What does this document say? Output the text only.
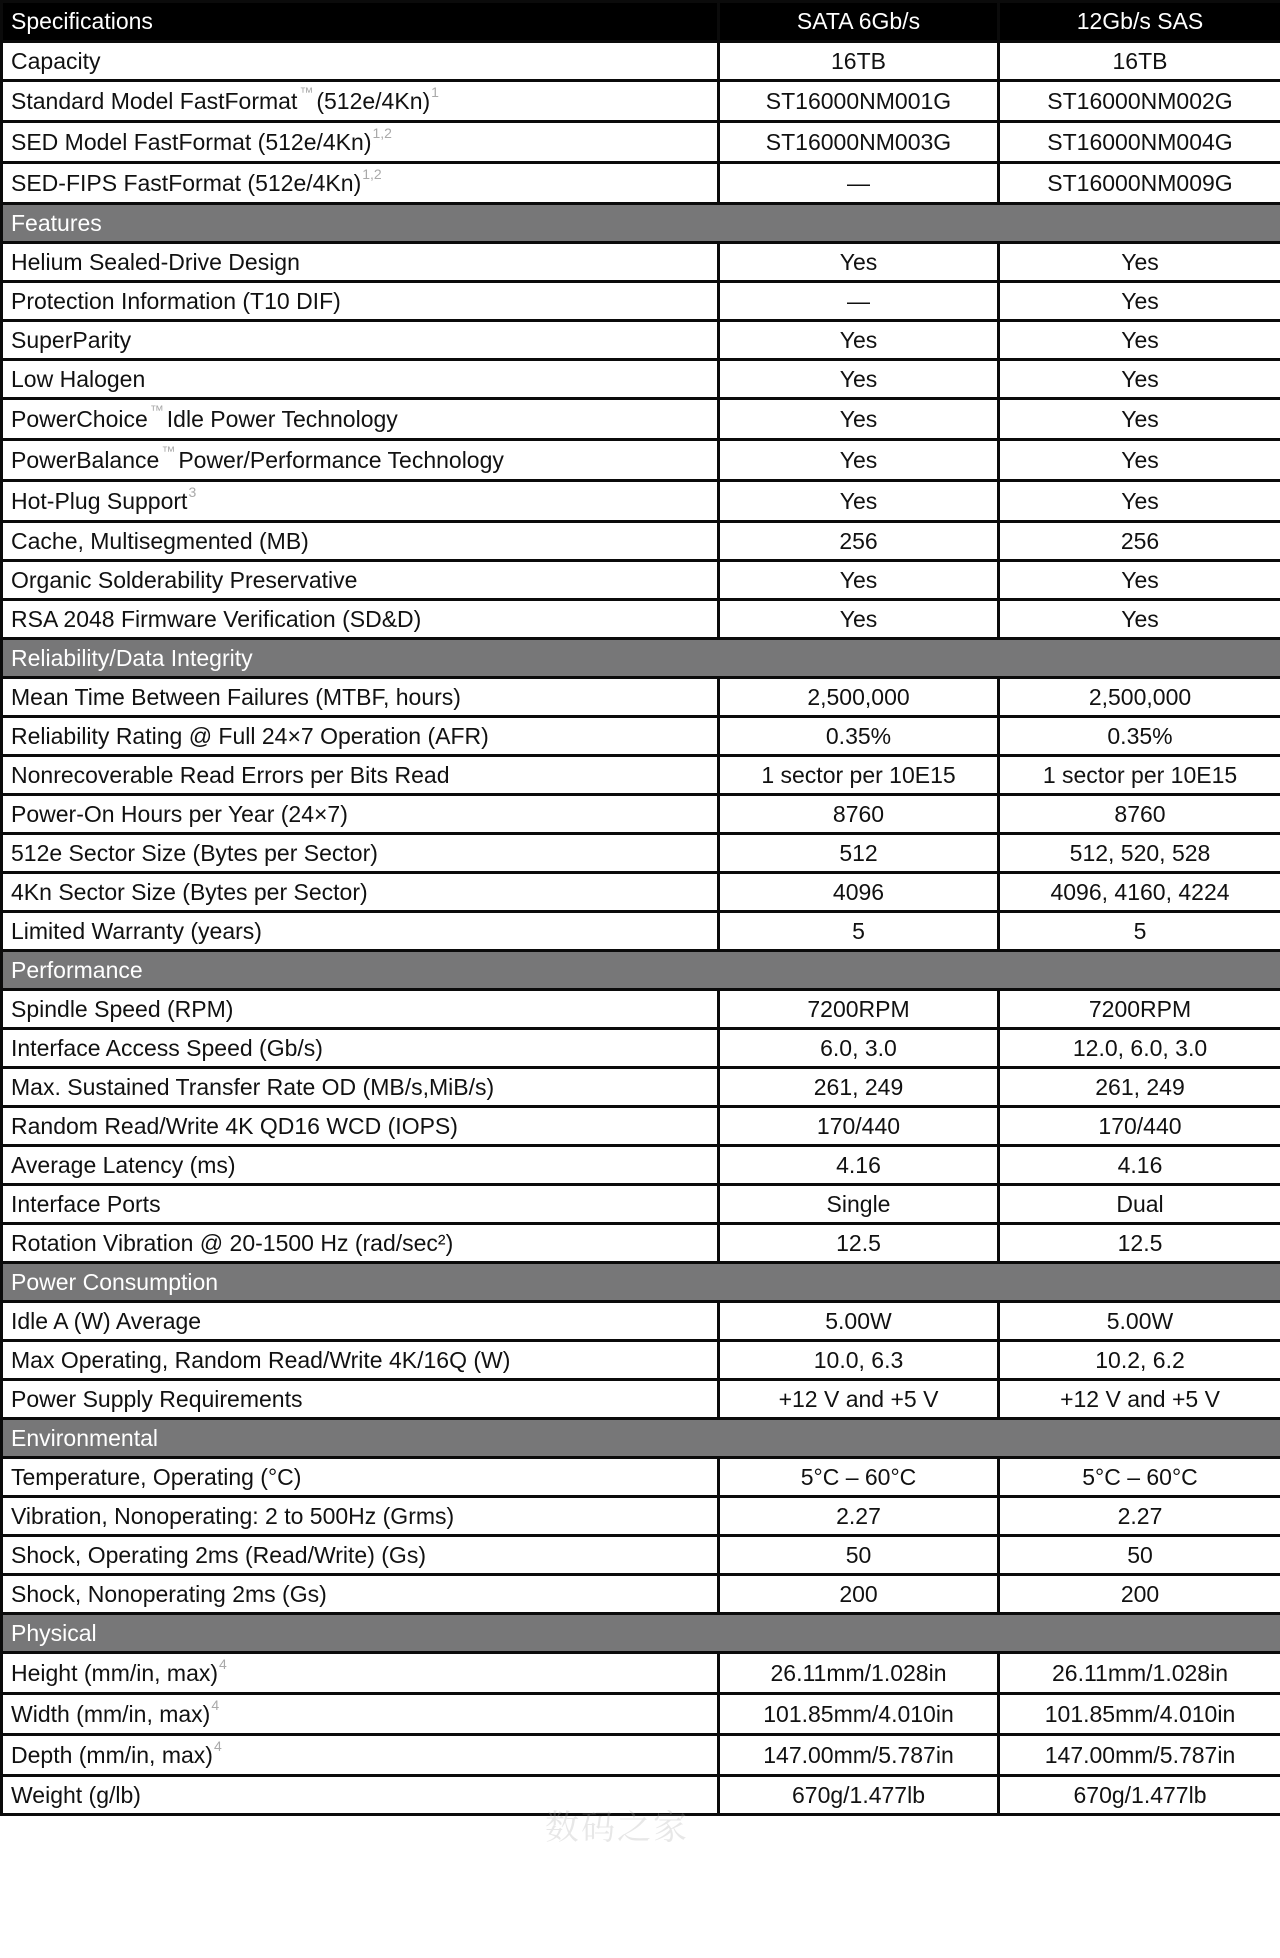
Specifications	SATA 6Gb/s	12Gb/s SAS
Capacity	16TB	16TB
Standard Model FastFormat ™ $(512e/4Kn)^1$	ST16000NM001G	ST16000NM002G
SED Model FastFormat $(512e/4Kn)^{1,2}$	ST16000NM003G	ST16000NM004G
SED-FIPS FastFormat $(512e/4Kn)^{1,2}$	—	ST16000NM009G
Features		
Helium Sealed-Drive Design	Yes	Yes
Protection Information (T10 DIF)	—	Yes
SuperParity	Yes	Yes
Low Halogen	Yes	Yes
PowerChoice ™ Idle Power Technology	Yes	Yes
PowerBalance ™ Power/Performance Technology	Yes	Yes
Hot-Plug Support$^3$	Yes	Yes
Cache, Multisegmented (MB)	256	256
Organic Solderability Preservative	Yes	Yes
RSA 2048 Firmware Verification (SD&D)	Yes	Yes
Reliability/Data Integrity		
Mean Time Between Failures (MTBF, hours)	2,500,000	2,500,000
Reliability Rating @ Full 24×7 Operation (AFR)	0.35%	0.35%
Nonrecoverable Read Errors per Bits Read	1 sector per 10E15	1 sector per 10E15
Power-On Hours per Year (24×7)	8760	8760
512e Sector Size (Bytes per Sector)	512	512, 520, 528
4Kn Sector Size (Bytes per Sector)	4096	4096, 4160, 4224
Limited Warranty (years)	5	5
Performance		
Spindle Speed (RPM)	7200RPM	7200RPM
Interface Access Speed (Gb/s)	6.0, 3.0	12.0, 6.0, 3.0
Max. Sustained Transfer Rate OD (MB/s,MiB/s)	261, 249	261, 249
Random Read/Write 4K QD16 WCD (IOPS)	170/440	170/440
Average Latency (ms)	4.16	4.16
Interface Ports	Single	Dual
Rotation Vibration @ 20-1500 Hz (rad/sec²)	12.5	12.5
Power Consumption		
Idle A (W) Average	5.00W	5.00W
Max Operating, Random Read/Write 4K/16Q (W)	10.0, 6.3	10.2, 6.2
Power Supply Requirements	+12 V and +5 V	+12 V and +5 V
Environmental		
Temperature, Operating (°C)	5°C – 60°C	5°C – 60°C
Vibration, Nonoperating: 2 to 500Hz (Grms)	2.27	2.27
Shock, Operating 2ms (Read/Write) (Gs)	50	50
Shock, Nonoperating 2ms (Gs)	200	200
Physical		
Height (mm/in, max)$^4$	26.11mm/1.028in	26.11mm/1.028in
Width (mm/in, max)$^4$	101.85mm/4.010in	101.85mm/4.010in
Depth (mm/in, max)$^4$	147.00mm/5.787in	147.00mm/5.787in
Weight (g/lb)	670g/1.477lb	670g/1.477lb
数码之家
